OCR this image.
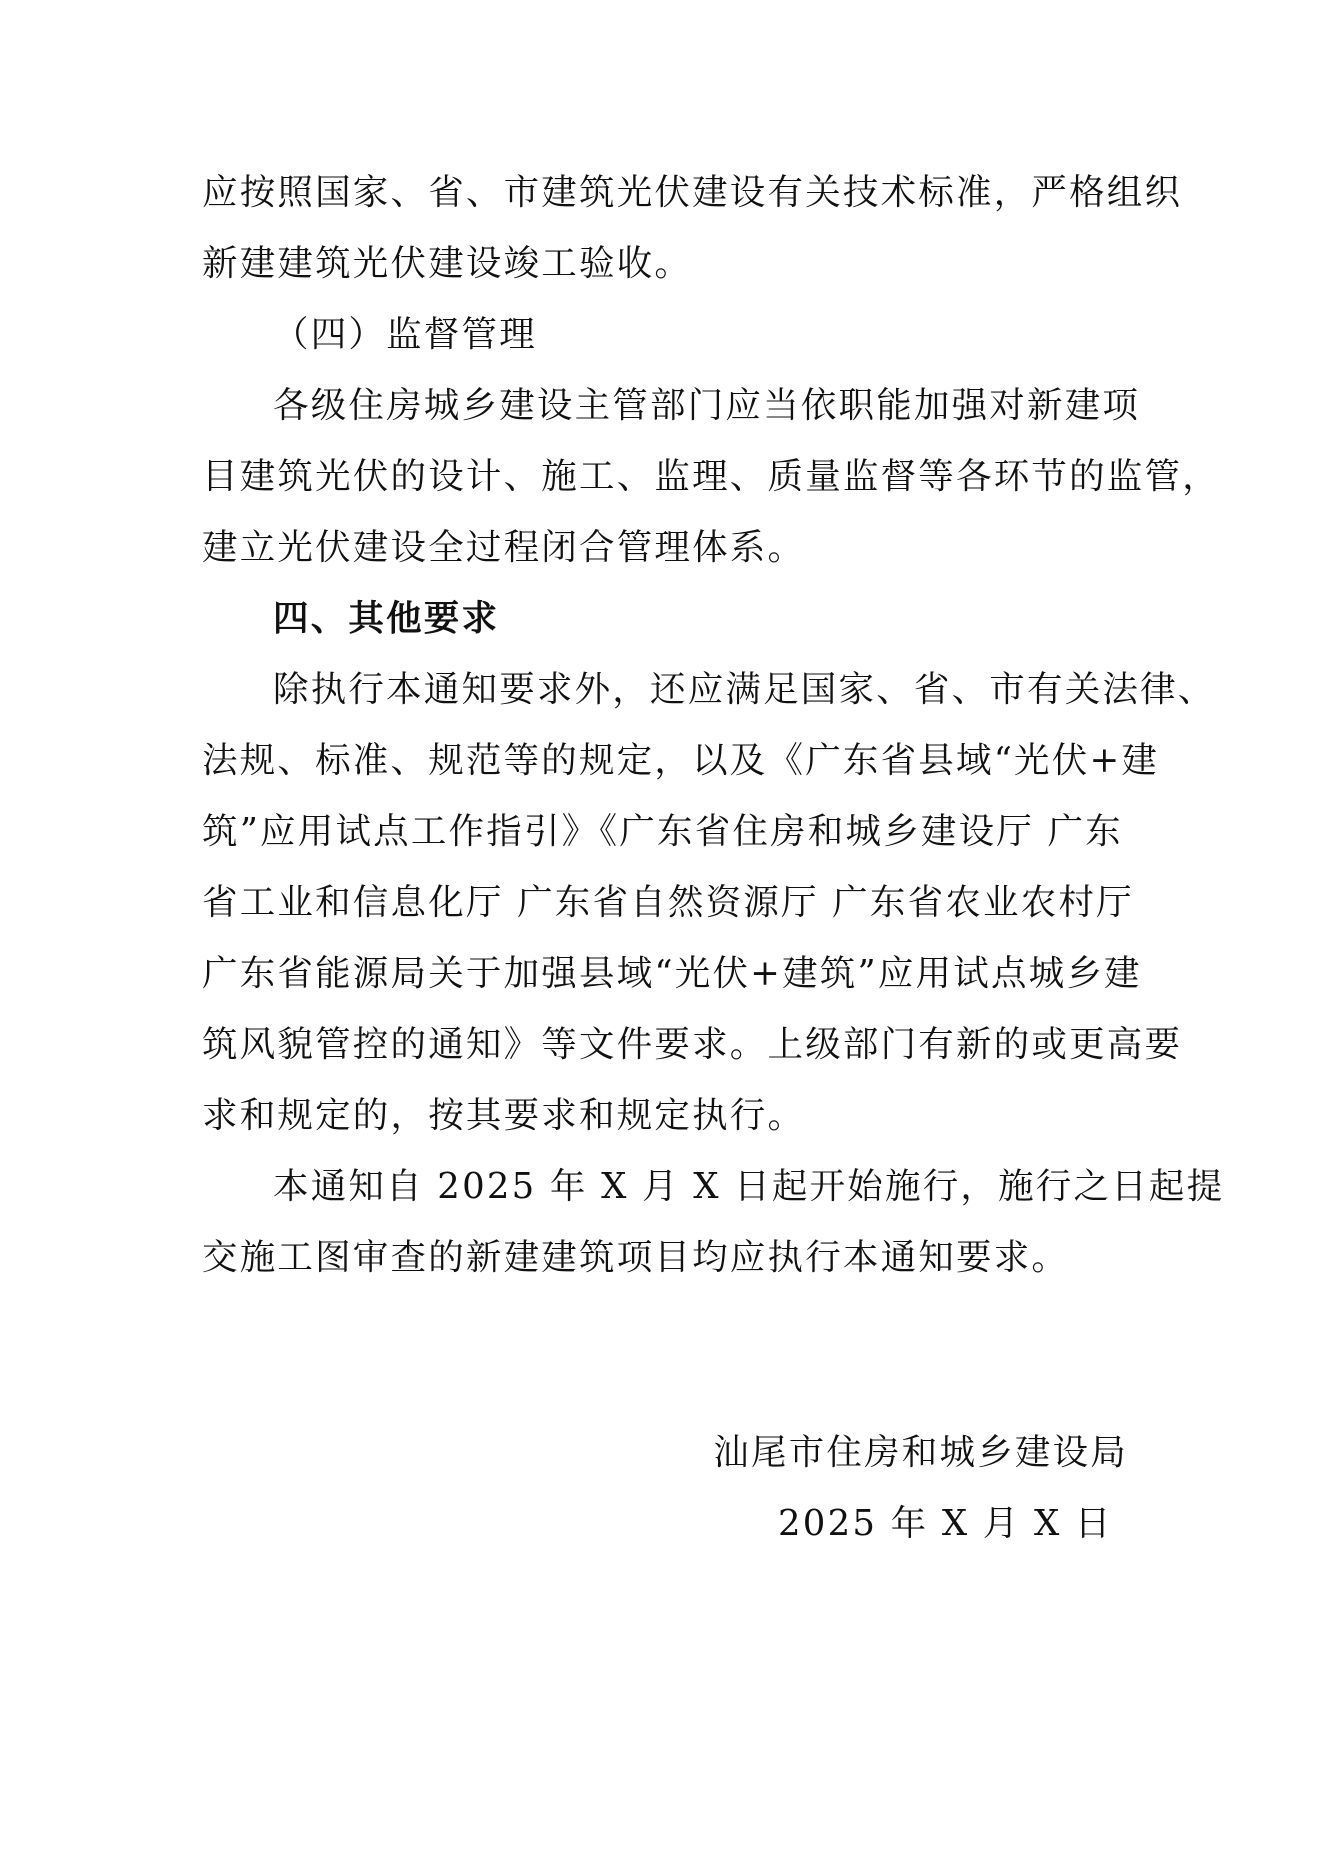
应按照国家、省、市建筑光伏建设有关技术标准，严格组织
新建建筑光伏建设竣工验收。
（四）监督管理
各级住房城乡建设主管部门应当依职能加强对新建项
目建筑光伏的设计、施工、监理、质量监督等各环节的监管，
建立光伏建设全过程闭合管理体系。
四、其他要求
除执行本通知要求外，还应满足国家、省、市有关法律、
法规、标准、规范等的规定，以及《广东省县域“光伏+建
筑”应用试点工作指引》《广东省住房和城乡建设厅 广东
省工业和信息化厅 广东省自然资源厅 广东省农业农村厅
广东省能源局关于加强县域“光伏+建筑”应用试点城乡建
筑风貌管控的通知》等文件要求。上级部门有新的或更高要
求和规定的，按其要求和规定执行。
本通知自 2025 年 X 月 X 日起开始施行，施行之日起提
交施工图审查的新建建筑项目均应执行本通知要求。
汕尾市住房和城乡建设局
2025 年 X 月 X 日
